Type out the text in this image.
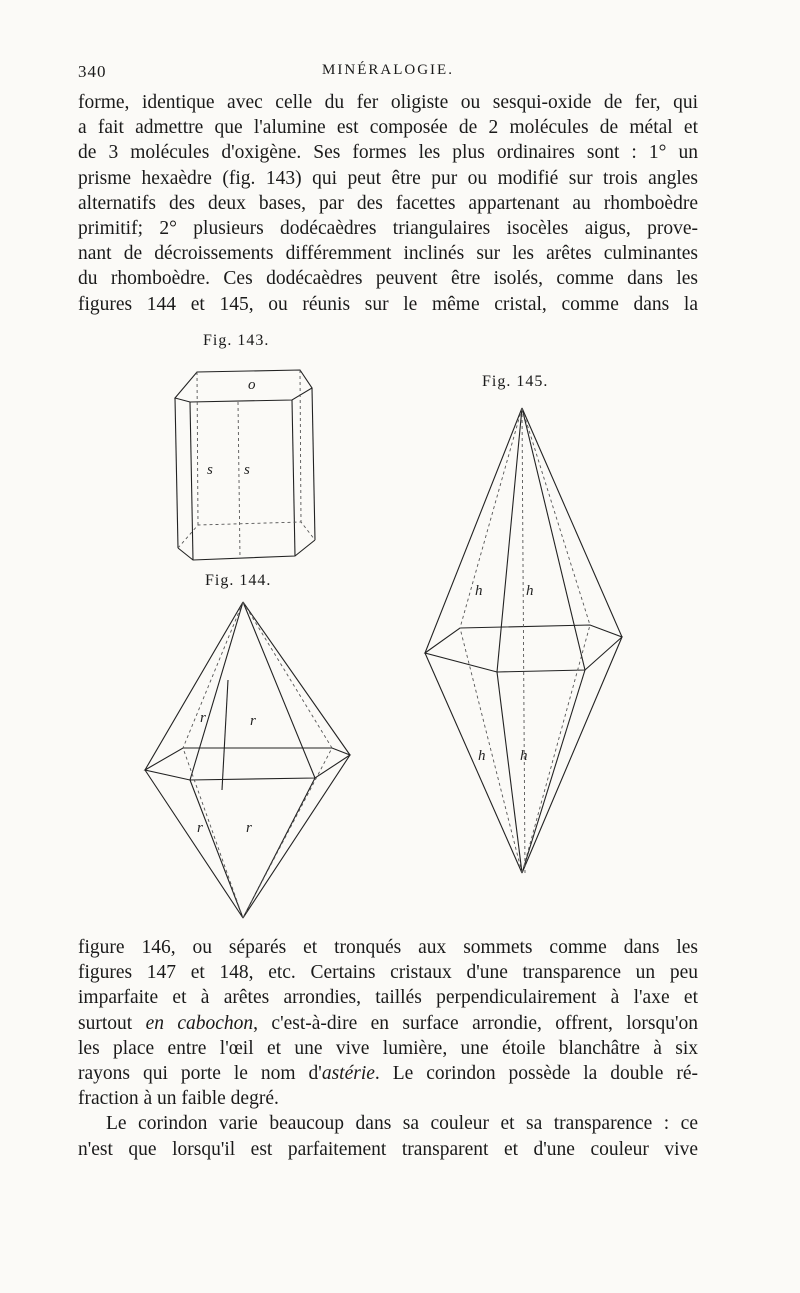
340	MINÉRALOGIE.
forme, identique avec celle du fer oligiste ou sesqui-oxide de fer, qui
a fait admettre que l'alumine est composée de 2 molécules de métal et
de 3 molécules d'oxigène. Ses formes les plus ordinaires sont : 1° un
prisme hexaèdre (fig. 143) qui peut être pur ou modifié sur trois angles
alternatifs des deux bases, par des facettes appartenant au rhomboèdre
primitif; 2° plusieurs dodécaèdres triangulaires isocèles aigus, prove-
nant de décroissements différemment inclinés sur les arêtes culminantes
du rhomboèdre. Ces dodécaèdres peuvent être isolés, comme dans les
figures 144 et 145, ou réunis sur le même cristal, comme dans la
Fig. 143.
Fig. 145.
Fig. 144.
o
s s
r	r
r	r
h	h
h h
figure 146, ou séparés et tronqués aux sommets comme dans les
figures 147 et 148, etc. Certains cristaux d'une transparence un peu
imparfaite et à arêtes arrondies, taillés perpendiculairement à l'axe et
surtout en cabochon, c'est-à-dire en surface arrondie, offrent, lorsqu'on
les place entre l'œil et une vive lumière, une étoile blanchâtre à six
rayons qui porte le nom d'astérie. Le corindon possède la double ré-
fraction à un faible degré.
Le corindon varie beaucoup dans sa couleur et sa transparence : ce
n'est que lorsqu'il est parfaitement transparent et d'une couleur vive
